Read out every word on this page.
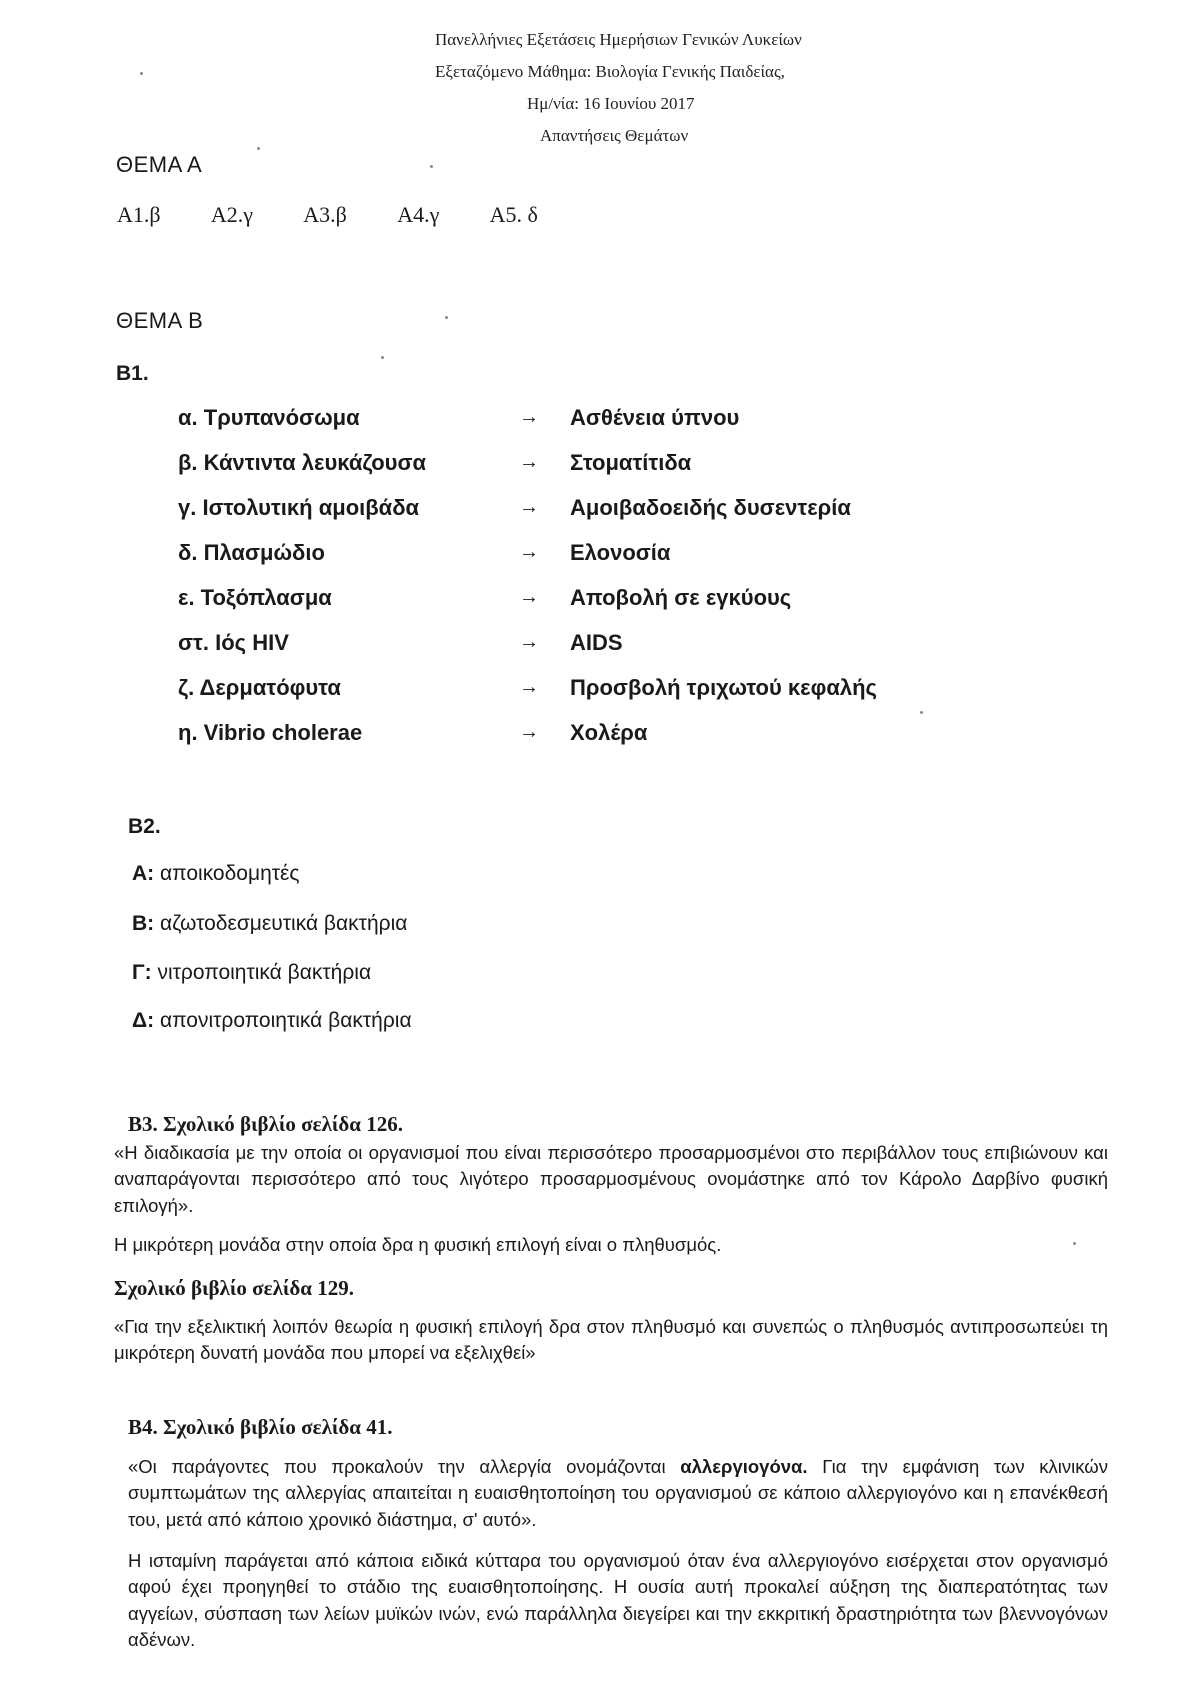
Πανελλήνιες Εξετάσεις Ημερήσιων Γενικών Λυκείων
Εξεταζόμενο Μάθημα: Βιολογία Γενικής Παιδείας,
Ημ/νία: 16 Ιουνίου 2017
Απαντήσεις Θεμάτων
ΘΕΜΑ Α
Α1.β Α2.γ Α3.β Α4.γ Α5. δ
ΘΕΜΑ Β
Β1.
α. Τρυπανόσωμα	→ Ασθένεια ύπνου
β. Κάντιντα λευκάζουσα	→ Στοματίτιδα
γ. Ιστολυτική αμοιβάδα	→ Αμοιβαδοειδής δυσεντερία
δ. Πλασμώδιο	→ Ελονοσία
ε. Τοξόπλασμα	→ Αποβολή σε εγκύους
στ. Ιός HIV	→ AIDS
ζ. Δερματόφυτα	→ Προσβολή τριχωτού κεφαλής
η. Vibrio cholerae	→ Χολέρα
Β2.
Α: αποικοδομητές
Β: αζωτοδεσμευτικά βακτήρια
Γ: νιτροποιητικά βακτήρια
Δ: απονιτροποιητικά βακτήρια
Β3. Σχολικό βιβλίο σελίδα 126.
«Η διαδικασία με την οποία οι οργανισμοί που είναι περισσότερο προσαρμοσμένοι στο περιβάλλον τους επιβιώνουν και αναπαράγονται περισσότερο από τους λιγότερο προσαρμοσμένους ονομάστηκε από τον Κάρολο Δαρβίνο φυσική επιλογή».
Η μικρότερη μονάδα στην οποία δρα η φυσική επιλογή είναι ο πληθυσμός.
Σχολικό βιβλίο σελίδα 129.
«Για την εξελικτική λοιπόν θεωρία η φυσική επιλογή δρα στον πληθυσμό και συνεπώς ο πληθυσμός αντιπροσωπεύει τη μικρότερη δυνατή μονάδα που μπορεί να εξελιχθεί»
Β4. Σχολικό βιβλίο σελίδα 41.
«Οι παράγοντες που προκαλούν την αλλεργία ονομάζονται αλλεργιογόνα. Για την εμφάνιση των κλινικών συμπτωμάτων της αλλεργίας απαιτείται η ευαισθητοποίηση του οργανισμού σε κάποιο αλλεργιογόνο και η επανέκθεσή του, μετά από κάποιο χρονικό διάστημα, σ' αυτό».
Η ισταμίνη παράγεται από κάποια ειδικά κύτταρα του οργανισμού όταν ένα αλλεργιογόνο εισέρχεται στον οργανισμό αφού έχει προηγηθεί το στάδιο της ευαισθητοποίησης. Η ουσία αυτή προκαλεί αύξηση της διαπερατότητας των αγγείων, σύσπαση των λείων μυϊκών ινών, ενώ παράλληλα διεγείρει και την εκκριτική δραστηριότητα των βλεννογόνων αδένων.
